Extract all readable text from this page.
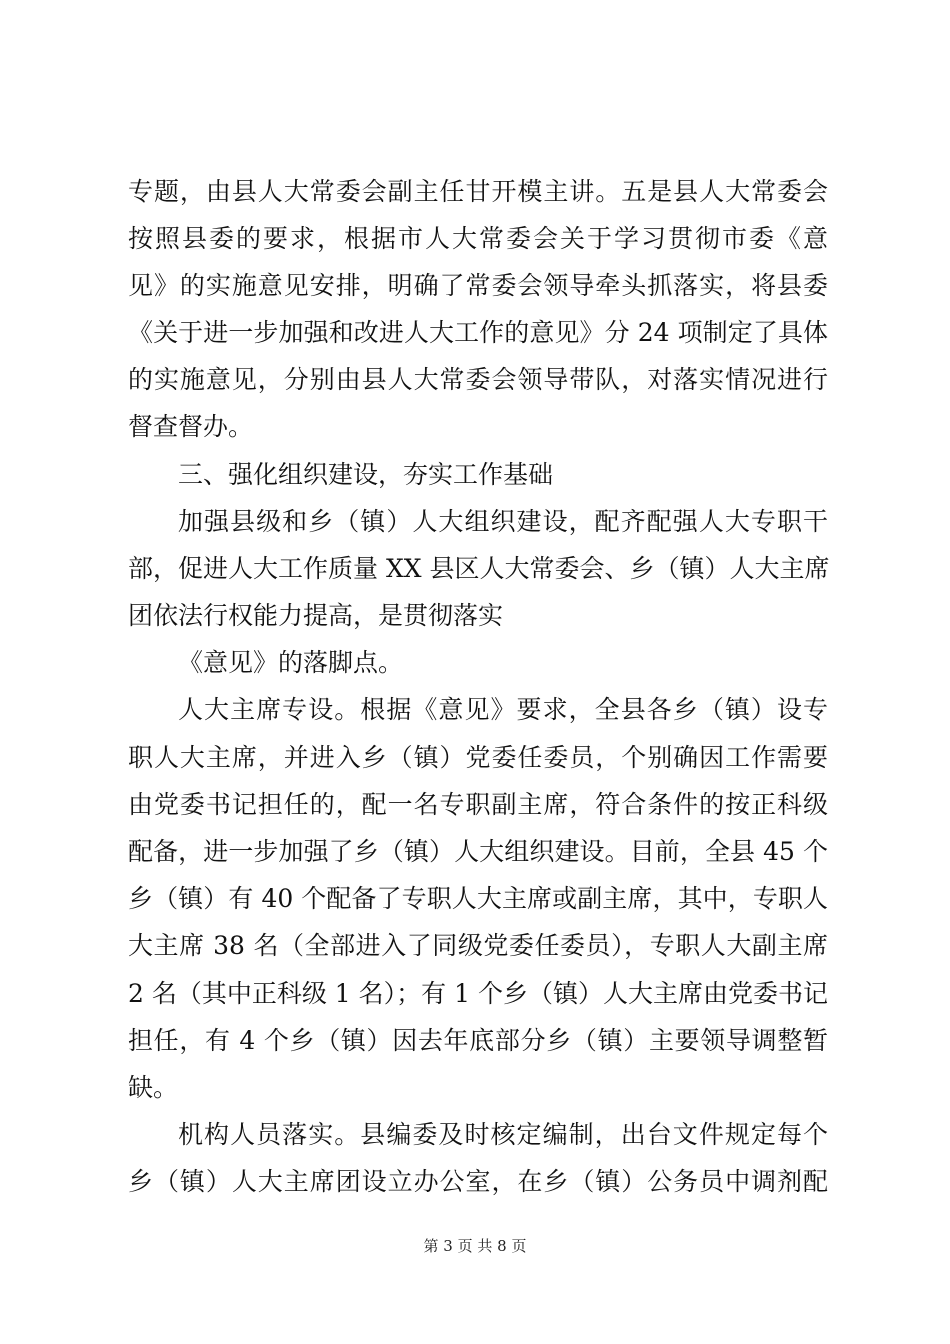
专题，由县人大常委会副主任甘开模主讲。五是县人大常委会
按照县委的要求，根据市人大常委会关于学习贯彻市委《意
见》的实施意见安排，明确了常委会领导牵头抓落实，将县委
《关于进一步加强和改进人大工作的意见》分 24 项制定了具体
的实施意见，分别由县人大常委会领导带队，对落实情况进行
督查督办。
三、强化组织建设，夯实工作基础
加强县级和乡（镇）人大组织建设，配齐配强人大专职干
部，促进人大工作质量 XX 县区人大常委会、乡（镇）人大主席
团依法行权能力提高，是贯彻落实
《意见》的落脚点。
人大主席专设。根据《意见》要求，全县各乡（镇）设专
职人大主席，并进入乡（镇）党委任委员，个别确因工作需要
由党委书记担任的，配一名专职副主席，符合条件的按正科级
配备，进一步加强了乡（镇）人大组织建设。目前，全县 45 个
乡（镇）有 40 个配备了专职人大主席或副主席，其中，专职人
大主席 38 名（全部进入了同级党委任委员），专职人大副主席
2 名（其中正科级 1 名）；有 1 个乡（镇）人大主席由党委书记
担任，有 4 个乡（镇）因去年底部分乡（镇）主要领导调整暂
缺。
机构人员落实。县编委及时核定编制，出台文件规定每个
乡（镇）人大主席团设立办公室，在乡（镇）公务员中调剂配
第 3 页 共 8 页
